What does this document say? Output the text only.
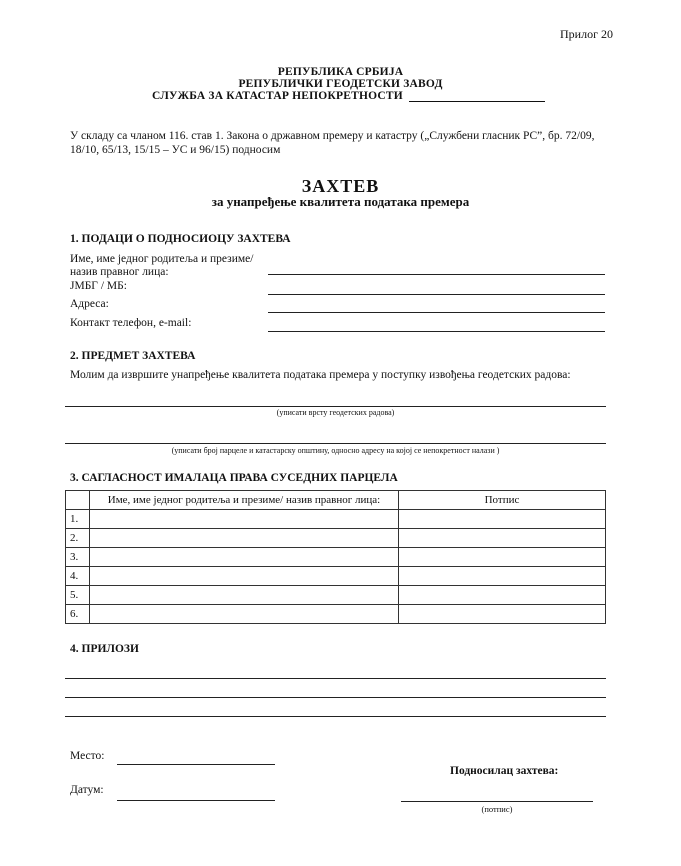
Прилог 20
РЕПУБЛИКА СРБИЈА
РЕПУБЛИЧКИ ГЕОДЕТСКИ ЗАВОД
СЛУЖБА ЗА КАТАСТАР НЕПОКРЕТНОСТИ
У складу са чланом 116. став 1. Закона о државном премеру и катастру („Службени гласник РС”, бр. 72/09, 18/10, 65/13, 15/15 – УС и 96/15) подносим
ЗАХТЕВ
за унапређење квалитета података премера
1. ПОДАЦИ О ПОДНОСИОЦУ ЗАХТЕВА
Име, име једног родитеља и презиме/
назив правног лица:
ЈМБГ / МБ:
Адреса:
Контакт телефон, e-mail:
2. ПРЕДМЕТ ЗАХТЕВА
Молим да извршите унапређење квалитета података премера у поступку извођења геодетских радова:
(уписати врсту геодетских радова)
(уписати број парцеле и катастарску општину, односно адресу на којој се непокретност налази )
3. САГЛАСНОСТ ИМАЛАЦА ПРАВА СУСЕДНИХ ПАРЦЕЛА
	Име, име једног родитеља и презиме/ назив правног лица:	Потпис
1.		
2.		
3.		
4.		
5.		
6.		
4. ПРИЛОЗИ
Место:
Датум:
Подносилац захтева:
(потпис)
